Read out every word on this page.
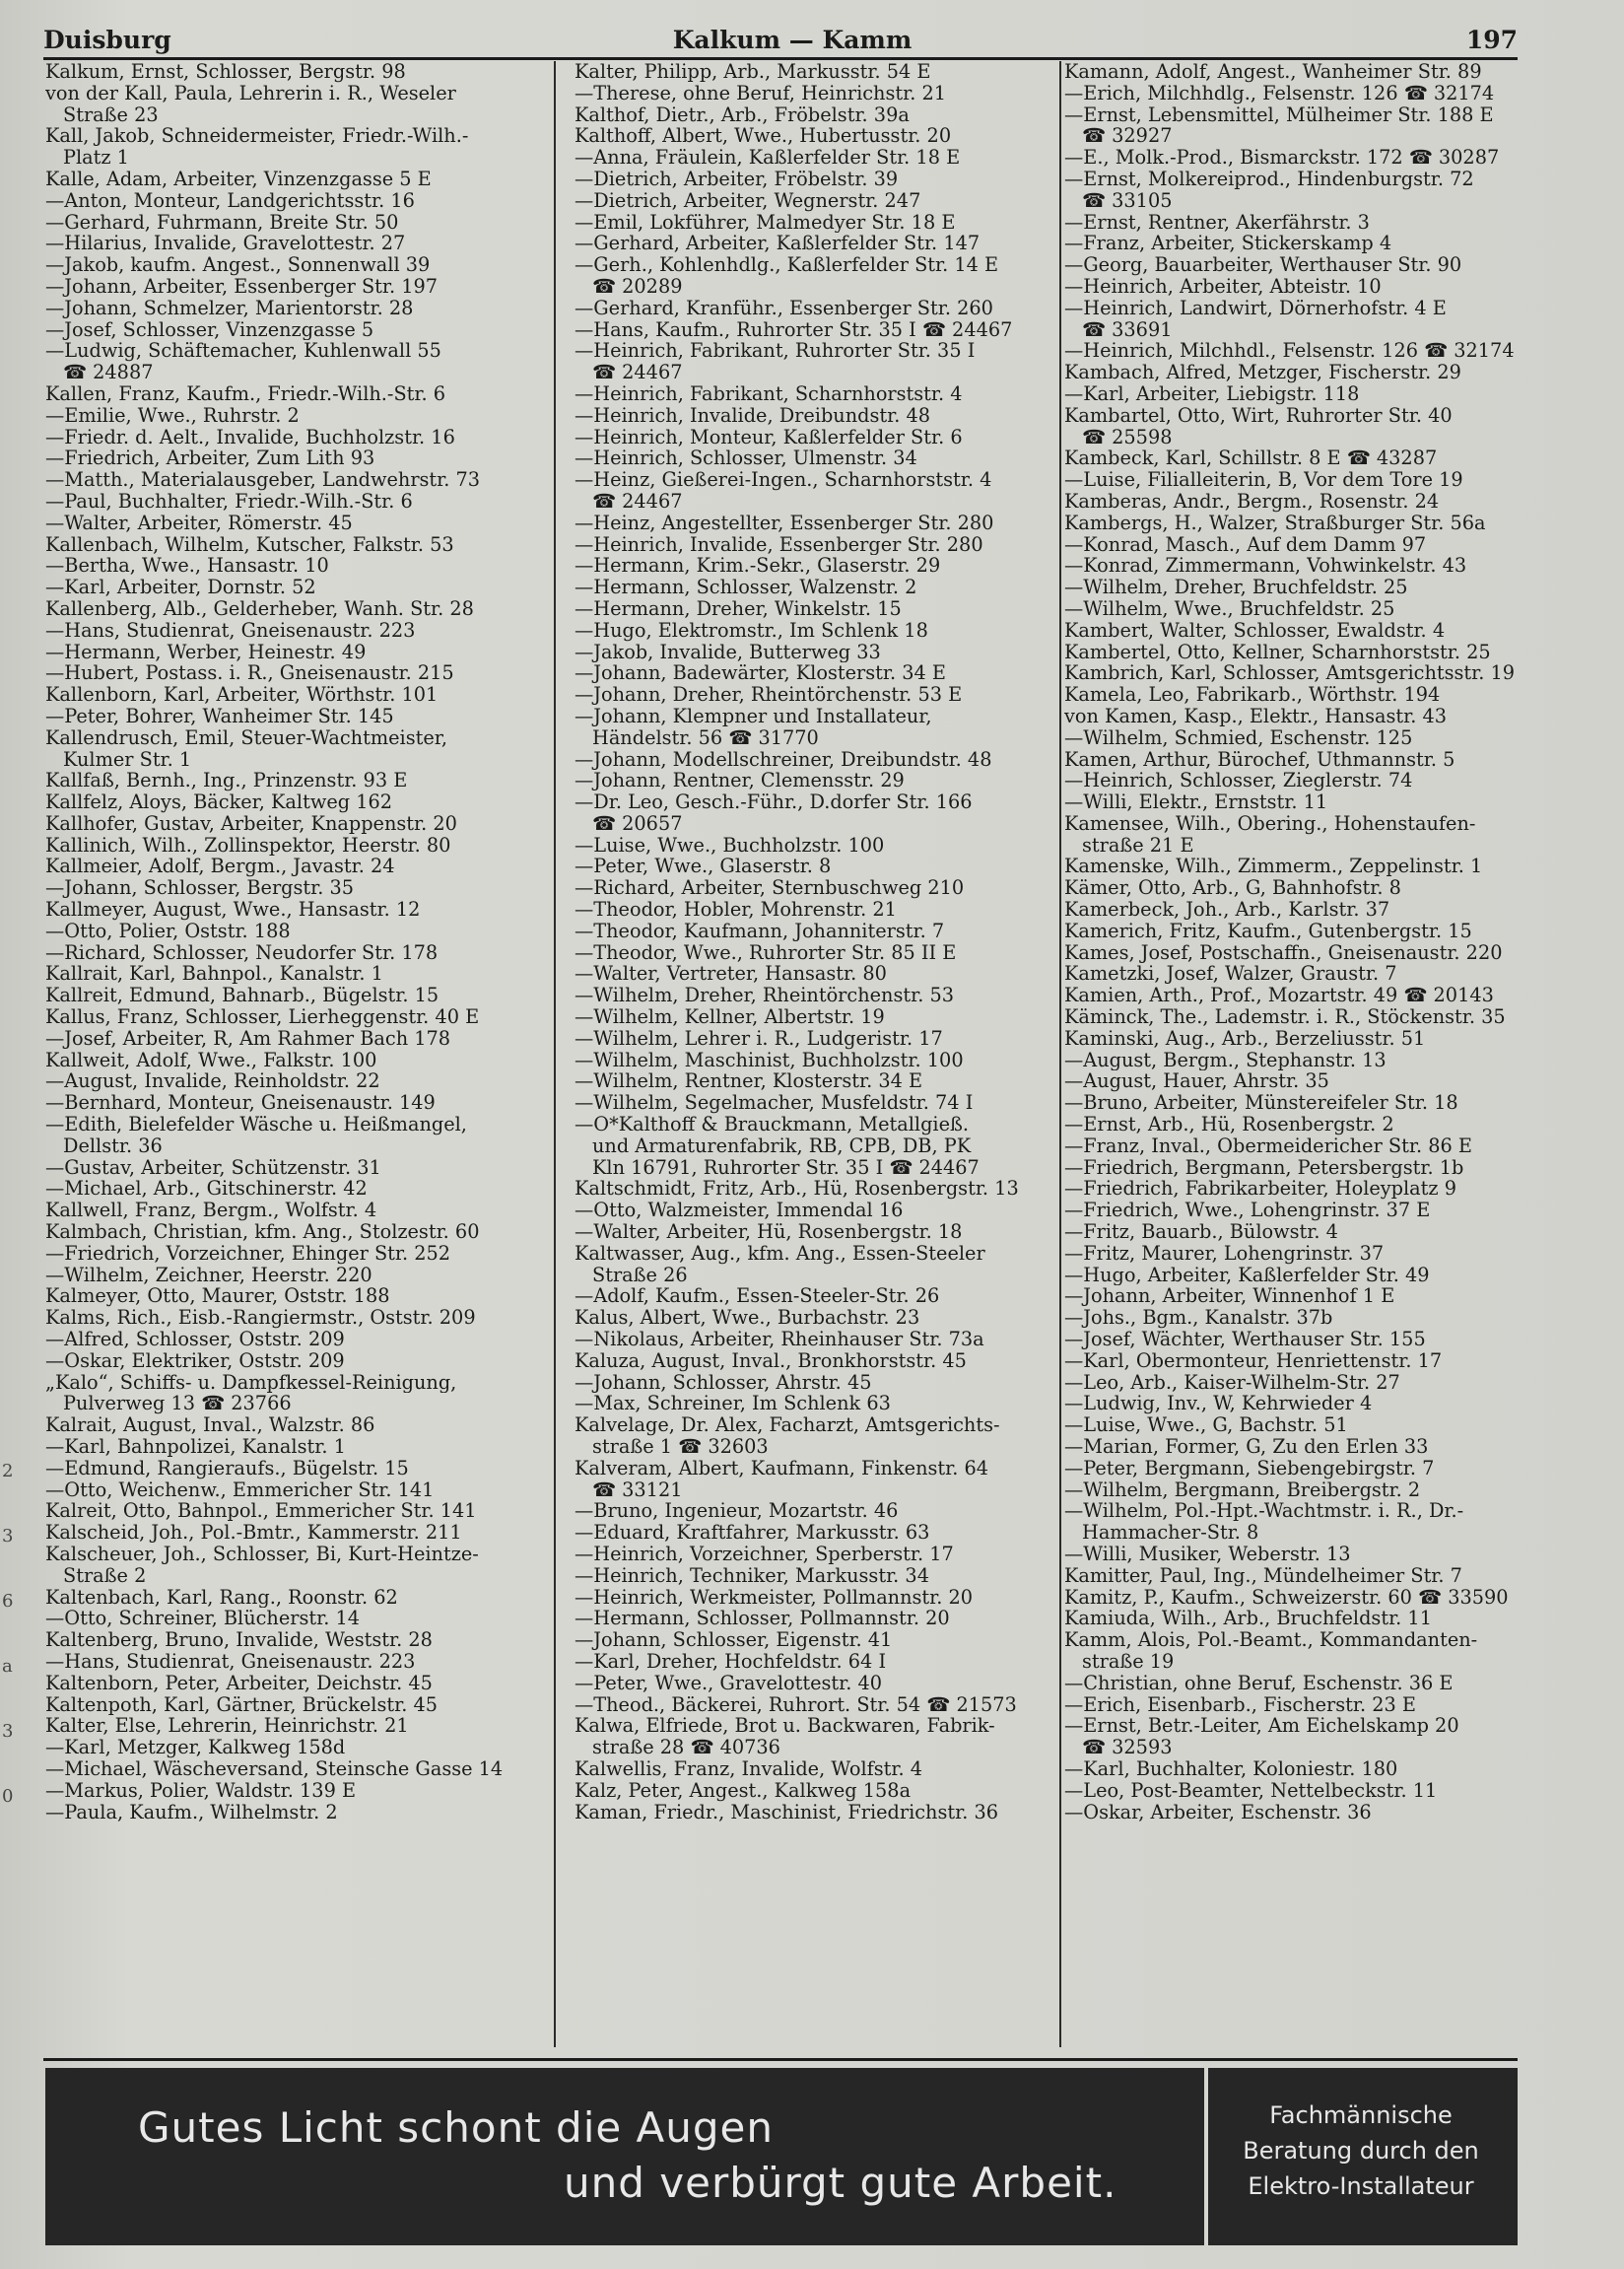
Duisburg	Kalkum — Kamm	197
Kalkum, Ernst, Schlosser, Bergstr. 98
von der Kall, Paula, Lehrerin i. R., Weseler
Straße 23
Kall, Jakob, Schneidermeister, Friedr.-Wilh.-
Platz 1
Kalle, Adam, Arbeiter, Vinzenzgasse 5 E
—Anton, Monteur, Landgerichtsstr. 16
—Gerhard, Fuhrmann, Breite Str. 50
—Hilarius, Invalide, Gravelottestr. 27
—Jakob, kaufm. Angest., Sonnenwall 39
—Johann, Arbeiter, Essenberger Str. 197
—Johann, Schmelzer, Marientorstr. 28
—Josef, Schlosser, Vinzenzgasse 5
—Ludwig, Schäftemacher, Kuhlenwall 55
☎ 24887
Kallen, Franz, Kaufm., Friedr.-Wilh.-Str. 6
—Emilie, Wwe., Ruhrstr. 2
—Friedr. d. Aelt., Invalide, Buchholzstr. 16
—Friedrich, Arbeiter, Zum Lith 93
—Matth., Materialausgeber, Landwehrstr. 73
—Paul, Buchhalter, Friedr.-Wilh.-Str. 6
—Walter, Arbeiter, Römerstr. 45
Kallenbach, Wilhelm, Kutscher, Falkstr. 53
—Bertha, Wwe., Hansastr. 10
—Karl, Arbeiter, Dornstr. 52
Kallenberg, Alb., Gelderheber, Wanh. Str. 28
—Hans, Studienrat, Gneisenaustr. 223
—Hermann, Werber, Heinestr. 49
—Hubert, Postass. i. R., Gneisenaustr. 215
Kallenborn, Karl, Arbeiter, Wörthstr. 101
—Peter, Bohrer, Wanheimer Str. 145
Kallendrusch, Emil, Steuer-Wachtmeister,
Kulmer Str. 1
Kallfaß, Bernh., Ing., Prinzenstr. 93 E
Kallfelz, Aloys, Bäcker, Kaltweg 162
Kallhofer, Gustav, Arbeiter, Knappenstr. 20
Kallinich, Wilh., Zollinspektor, Heerstr. 80
Kallmeier, Adolf, Bergm., Javastr. 24
—Johann, Schlosser, Bergstr. 35
Kallmeyer, August, Wwe., Hansastr. 12
—Otto, Polier, Oststr. 188
—Richard, Schlosser, Neudorfer Str. 178
Kallrait, Karl, Bahnpol., Kanalstr. 1
Kallreit, Edmund, Bahnarb., Bügelstr. 15
Kallus, Franz, Schlosser, Lierheggenstr. 40 E
—Josef, Arbeiter, R, Am Rahmer Bach 178
Kallweit, Adolf, Wwe., Falkstr. 100
—August, Invalide, Reinholdstr. 22
—Bernhard, Monteur, Gneisenaustr. 149
—Edith, Bielefelder Wäsche u. Heißmangel,
Dellstr. 36
—Gustav, Arbeiter, Schützenstr. 31
—Michael, Arb., Gitschinerstr. 42
Kallwell, Franz, Bergm., Wolfstr. 4
Kalmbach, Christian, kfm. Ang., Stolzestr. 60
—Friedrich, Vorzeichner, Ehinger Str. 252
—Wilhelm, Zeichner, Heerstr. 220
Kalmeyer, Otto, Maurer, Oststr. 188
Kalms, Rich., Eisb.-Rangiermstr., Oststr. 209
—Alfred, Schlosser, Oststr. 209
—Oskar, Elektriker, Oststr. 209
„Kalo“, Schiffs- u. Dampfkessel-Reinigung,
Pulverweg 13 ☎ 23766
Kalrait, August, Inval., Walzstr. 86
—Karl, Bahnpolizei, Kanalstr. 1
—Edmund, Rangieraufs., Bügelstr. 15
—Otto, Weichenw., Emmericher Str. 141
Kalreit, Otto, Bahnpol., Emmericher Str. 141
Kalscheid, Joh., Pol.-Bmtr., Kammerstr. 211
Kalscheuer, Joh., Schlosser, Bi, Kurt-Heintze-
Straße 2
Kaltenbach, Karl, Rang., Roonstr. 62
—Otto, Schreiner, Blücherstr. 14
Kaltenberg, Bruno, Invalide, Weststr. 28
—Hans, Studienrat, Gneisenaustr. 223
Kaltenborn, Peter, Arbeiter, Deichstr. 45
Kaltenpoth, Karl, Gärtner, Brückelstr. 45
Kalter, Else, Lehrerin, Heinrichstr. 21
—Karl, Metzger, Kalkweg 158d
—Michael, Wäscheversand, Steinsche Gasse 14
—Markus, Polier, Waldstr. 139 E
—Paula, Kaufm., Wilhelmstr. 2
Kalter, Philipp, Arb., Markusstr. 54 E
—Therese, ohne Beruf, Heinrichstr. 21
Kalthof, Dietr., Arb., Fröbelstr. 39a
Kalthoff, Albert, Wwe., Hubertusstr. 20
—Anna, Fräulein, Kaßlerfelder Str. 18 E
—Dietrich, Arbeiter, Fröbelstr. 39
—Dietrich, Arbeiter, Wegnerstr. 247
—Emil, Lokführer, Malmedyer Str. 18 E
—Gerhard, Arbeiter, Kaßlerfelder Str. 147
—Gerh., Kohlenhdlg., Kaßlerfelder Str. 14 E
☎ 20289
—Gerhard, Kranführ., Essenberger Str. 260
—Hans, Kaufm., Ruhrorter Str. 35 I ☎ 24467
—Heinrich, Fabrikant, Ruhrorter Str. 35 I
☎ 24467
—Heinrich, Fabrikant, Scharnhorststr. 4
—Heinrich, Invalide, Dreibundstr. 48
—Heinrich, Monteur, Kaßlerfelder Str. 6
—Heinrich, Schlosser, Ulmenstr. 34
—Heinz, Gießerei-Ingen., Scharnhorststr. 4
☎ 24467
—Heinz, Angestellter, Essenberger Str. 280
—Heinrich, Invalide, Essenberger Str. 280
—Hermann, Krim.-Sekr., Glaserstr. 29
—Hermann, Schlosser, Walzenstr. 2
—Hermann, Dreher, Winkelstr. 15
—Hugo, Elektromstr., Im Schlenk 18
—Jakob, Invalide, Butterweg 33
—Johann, Badewärter, Klosterstr. 34 E
—Johann, Dreher, Rheintörchenstr. 53 E
—Johann, Klempner und Installateur,
Händelstr. 56 ☎ 31770
—Johann, Modellschreiner, Dreibundstr. 48
—Johann, Rentner, Clemensstr. 29
—Dr. Leo, Gesch.-Führ., D.dorfer Str. 166
☎ 20657
—Luise, Wwe., Buchholzstr. 100
—Peter, Wwe., Glaserstr. 8
—Richard, Arbeiter, Sternbuschweg 210
—Theodor, Hobler, Mohrenstr. 21
—Theodor, Kaufmann, Johanniterstr. 7
—Theodor, Wwe., Ruhrorter Str. 85 II E
—Walter, Vertreter, Hansastr. 80
—Wilhelm, Dreher, Rheintörchenstr. 53
—Wilhelm, Kellner, Albertstr. 19
—Wilhelm, Lehrer i. R., Ludgeristr. 17
—Wilhelm, Maschinist, Buchholzstr. 100
—Wilhelm, Rentner, Klosterstr. 34 E
—Wilhelm, Segelmacher, Musfeldstr. 74 I
—O*Kalthoff & Brauckmann, Metallgieß.
und Armaturenfabrik, RB, CPB, DB, PK
Kln 16791, Ruhrorter Str. 35 I ☎ 24467
Kaltschmidt, Fritz, Arb., Hü, Rosenbergstr. 13
—Otto, Walzmeister, Immendal 16
—Walter, Arbeiter, Hü, Rosenbergstr. 18
Kaltwasser, Aug., kfm. Ang., Essen-Steeler
Straße 26
—Adolf, Kaufm., Essen-Steeler-Str. 26
Kalus, Albert, Wwe., Burbachstr. 23
—Nikolaus, Arbeiter, Rheinhauser Str. 73a
Kaluza, August, Inval., Bronkhorststr. 45
—Johann, Schlosser, Ahrstr. 45
—Max, Schreiner, Im Schlenk 63
Kalvelage, Dr. Alex, Facharzt, Amtsgerichts-
straße 1 ☎ 32603
Kalveram, Albert, Kaufmann, Finkenstr. 64
☎ 33121
—Bruno, Ingenieur, Mozartstr. 46
—Eduard, Kraftfahrer, Markusstr. 63
—Heinrich, Vorzeichner, Sperberstr. 17
—Heinrich, Techniker, Markusstr. 34
—Heinrich, Werkmeister, Pollmannstr. 20
—Hermann, Schlosser, Pollmannstr. 20
—Johann, Schlosser, Eigenstr. 41
—Karl, Dreher, Hochfeldstr. 64 I
—Peter, Wwe., Gravelottestr. 40
—Theod., Bäckerei, Ruhrort. Str. 54 ☎ 21573
Kalwa, Elfriede, Brot u. Backwaren, Fabrik-
straße 28 ☎ 40736
Kalwellis, Franz, Invalide, Wolfstr. 4
Kalz, Peter, Angest., Kalkweg 158a
Kaman, Friedr., Maschinist, Friedrichstr. 36
Kamann, Adolf, Angest., Wanheimer Str. 89
—Erich, Milchhdlg., Felsenstr. 126 ☎ 32174
—Ernst, Lebensmittel, Mülheimer Str. 188 E
☎ 32927
—E., Molk.-Prod., Bismarckstr. 172 ☎ 30287
—Ernst, Molkereiprod., Hindenburgstr. 72
☎ 33105
—Ernst, Rentner, Akerfährstr. 3
—Franz, Arbeiter, Stickerskamp 4
—Georg, Bauarbeiter, Werthauser Str. 90
—Heinrich, Arbeiter, Abteistr. 10
—Heinrich, Landwirt, Dörnerhofstr. 4 E
☎ 33691
—Heinrich, Milchhdl., Felsenstr. 126 ☎ 32174
Kambach, Alfred, Metzger, Fischerstr. 29
—Karl, Arbeiter, Liebigstr. 118
Kambartel, Otto, Wirt, Ruhrorter Str. 40
☎ 25598
Kambeck, Karl, Schillstr. 8 E ☎ 43287
—Luise, Filialleiterin, B, Vor dem Tore 19
Kamberas, Andr., Bergm., Rosenstr. 24
Kambergs, H., Walzer, Straßburger Str. 56a
—Konrad, Masch., Auf dem Damm 97
—Konrad, Zimmermann, Vohwinkelstr. 43
—Wilhelm, Dreher, Bruchfeldstr. 25
—Wilhelm, Wwe., Bruchfeldstr. 25
Kambert, Walter, Schlosser, Ewaldstr. 4
Kambertel, Otto, Kellner, Scharnhorststr. 25
Kambrich, Karl, Schlosser, Amtsgerichtsstr. 19
Kamela, Leo, Fabrikarb., Wörthstr. 194
von Kamen, Kasp., Elektr., Hansastr. 43
—Wilhelm, Schmied, Eschenstr. 125
Kamen, Arthur, Bürochef, Uthmannstr. 5
—Heinrich, Schlosser, Zieglerstr. 74
—Willi, Elektr., Ernststr. 11
Kamensee, Wilh., Obering., Hohenstaufen-
straße 21 E
Kamenske, Wilh., Zimmerm., Zeppelinstr. 1
Kämer, Otto, Arb., G, Bahnhofstr. 8
Kamerbeck, Joh., Arb., Karlstr. 37
Kamerich, Fritz, Kaufm., Gutenbergstr. 15
Kames, Josef, Postschaffn., Gneisenaustr. 220
Kametzki, Josef, Walzer, Graustr. 7
Kamien, Arth., Prof., Mozartstr. 49 ☎ 20143
Käminck, The., Lademstr. i. R., Stöckenstr. 35
Kaminski, Aug., Arb., Berzeliusstr. 51
—August, Bergm., Stephanstr. 13
—August, Hauer, Ahrstr. 35
—Bruno, Arbeiter, Münstereifeler Str. 18
—Ernst, Arb., Hü, Rosenbergstr. 2
—Franz, Inval., Obermeidericher Str. 86 E
—Friedrich, Bergmann, Petersbergstr. 1b
—Friedrich, Fabrikarbeiter, Holeyplatz 9
—Friedrich, Wwe., Lohengrinstr. 37 E
—Fritz, Bauarb., Bülowstr. 4
—Fritz, Maurer, Lohengrinstr. 37
—Hugo, Arbeiter, Kaßlerfelder Str. 49
—Johann, Arbeiter, Winnenhof 1 E
—Johs., Bgm., Kanalstr. 37b
—Josef, Wächter, Werthauser Str. 155
—Karl, Obermonteur, Henriettenstr. 17
—Leo, Arb., Kaiser-Wilhelm-Str. 27
—Ludwig, Inv., W, Kehrwieder 4
—Luise, Wwe., G, Bachstr. 51
—Marian, Former, G, Zu den Erlen 33
—Peter, Bergmann, Siebengebirgstr. 7
—Wilhelm, Bergmann, Breibergstr. 2
—Wilhelm, Pol.-Hpt.-Wachtmstr. i. R., Dr.-
Hammacher-Str. 8
—Willi, Musiker, Weberstr. 13
Kamitter, Paul, Ing., Mündelheimer Str. 7
Kamitz, P., Kaufm., Schweizerstr. 60 ☎ 33590
Kamiuda, Wilh., Arb., Bruchfeldstr. 11
Kamm, Alois, Pol.-Beamt., Kommandanten-
straße 19
—Christian, ohne Beruf, Eschenstr. 36 E
—Erich, Eisenbarb., Fischerstr. 23 E
—Ernst, Betr.-Leiter, Am Eichelskamp 20
☎ 32593
—Karl, Buchhalter, Koloniestr. 180
—Leo, Post-Beamter, Nettelbeckstr. 11
—Oskar, Arbeiter, Eschenstr. 36
2
3
6
a
3
0
Gutes Licht schont die Augen
und verbürgt gute Arbeit.
Fachmännische
Beratung durch den
Elektro-Installateur
